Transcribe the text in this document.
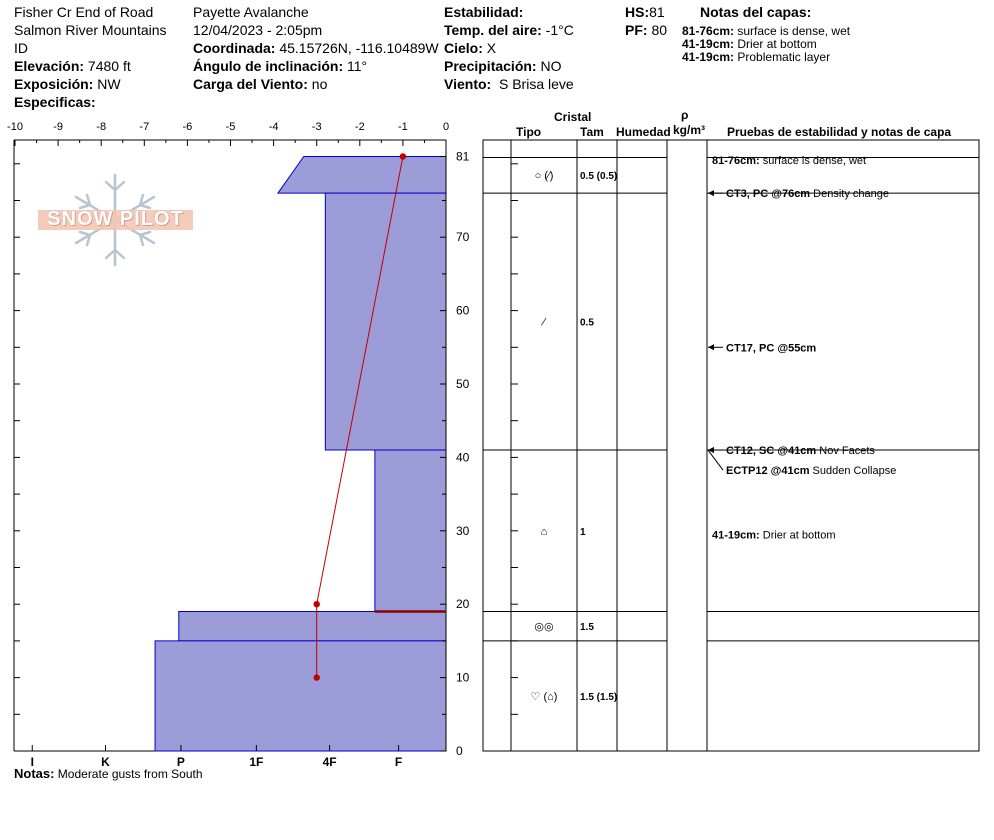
Fisher Cr End of Road
Salmon River Mountains
ID
Elevación: 7480 ft
Exposición: NW
Especificas:
Payette Avalanche
12/04/2023 - 2:05pm
Coordinada: 45.15726N, -116.10489W
Ángulo de inclinación: 11°
Carga del Viento: no
Estabilidad:
Temp. del aire: -1°C
Cielo: X
Precipitación: NO
Viento: S Brisa leve
HS:81
PF: 80
Notas del capas:
81-76cm: surface is dense, wet
41-19cm: Drier at bottom
41-19cm: Problematic layer
Cristal
Tipo	Tam Humedad
ρ
kg/m³ Pruebas de estabilidad y notas de capa
Notas: Moderate gusts from South
SNOW PILOT
-10	-9	-8	-7	-6	-5	-4	-3	-2	-1	0
0
10
20
30
40
50
60
70
81
I	K	P	1F	4F	F
○ (⁄)	0.5 (0.5)
⁄	0.5
⌂	1
◎◎	1.5
♡ (⌂) 1.5 (1.5)
81-76cm: surface is dense, wet
CT3, PC @76cm Density change
CT17, PC @55cm
CT12, SC @41cm Nov Facets
ECTP12 @41cm Sudden Collapse
41-19cm: Drier at bottom
